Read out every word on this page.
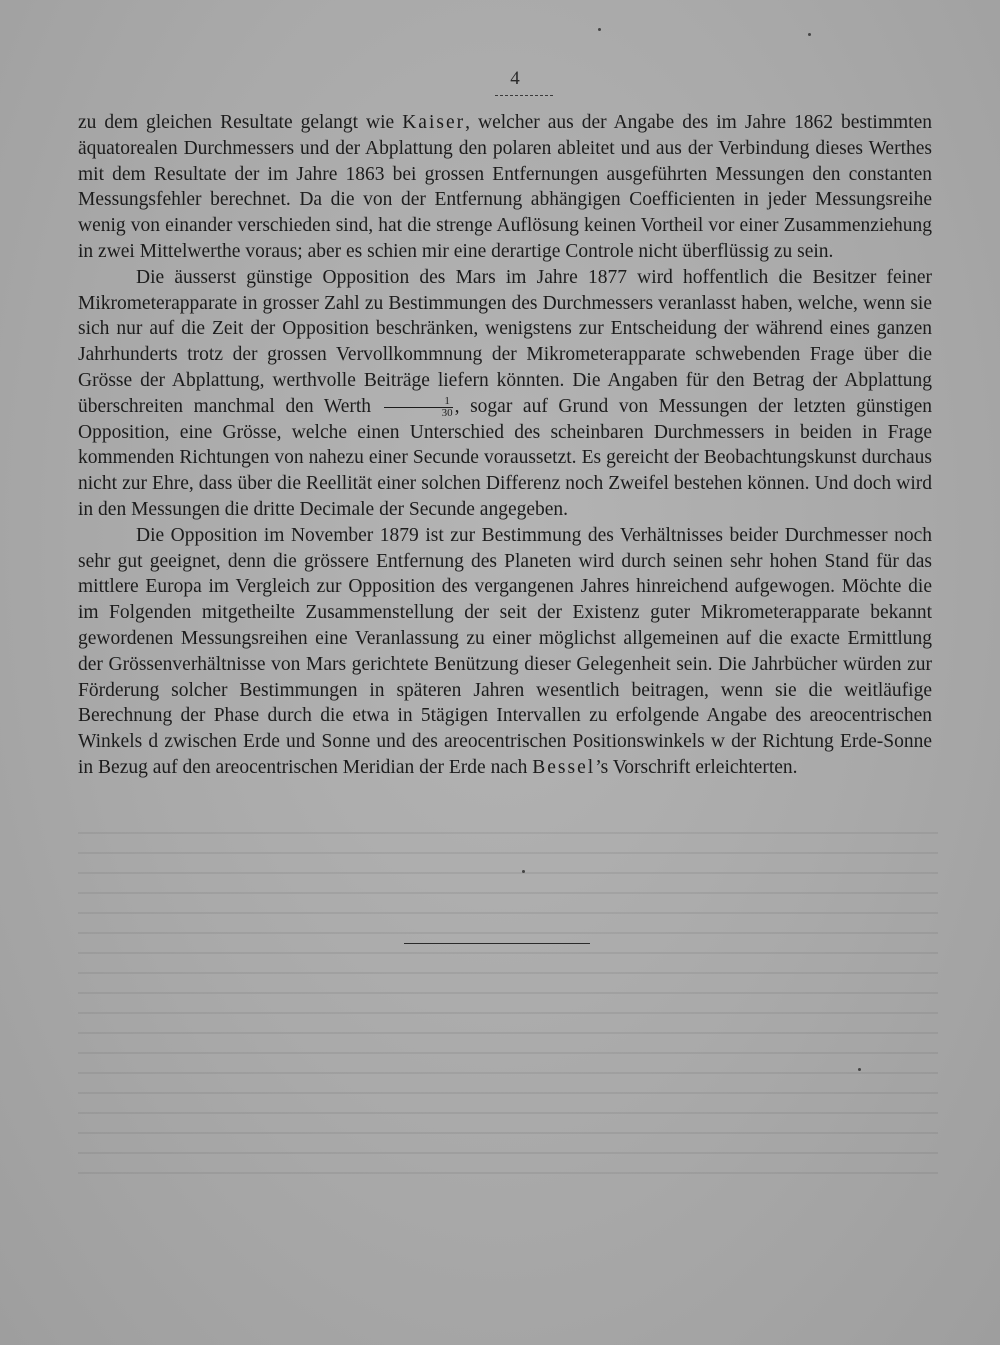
4

zu dem gleichen Resultate gelangt wie Kaiser, welcher aus der Angabe des im Jahre 1862 bestimmten äquatorealen Durchmessers und der Abplattung den polaren ableitet und aus der Verbindung dieses Werthes mit dem Resultate der im Jahre 1863 bei grossen Entfernungen ausgeführten Messungen den constanten Messungsfehler berechnet. Da die von der Entfernung abhängigen Coefficienten in jeder Messungsreihe wenig von einander verschieden sind, hat die strenge Auflösung keinen Vortheil vor einer Zusammenziehung in zwei Mittelwerthe voraus; aber es schien mir eine derartige Controle nicht überflüssig zu sein.

Die äusserst günstige Opposition des Mars im Jahre 1877 wird hoffentlich die Besitzer feiner Mikrometerapparate in grosser Zahl zu Bestimmungen des Durchmessers veranlasst haben, welche, wenn sie sich nur auf die Zeit der Opposition beschränken, wenigstens zur Entscheidung der während eines ganzen Jahrhunderts trotz der grossen Vervollkommnung der Mikrometerapparate schwebenden Frage über die Grösse der Abplattung, werthvolle Beiträge liefern könnten. Die Angaben für den Betrag der Abplattung überschreiten manchmal den Werth $\frac{1}{30}$ , sogar auf Grund von Messungen der letzten günstigen Opposition, eine Grösse, welche einen Unterschied des scheinbaren Durchmessers in beiden in Frage kommenden Richtungen von nahezu einer Secunde voraussetzt. Es gereicht der Beobachtungskunst durchaus nicht zur Ehre, dass über die Reellität einer solchen Differenz noch Zweifel bestehen können. Und doch wird in den Messungen die dritte Decimale der Secunde angegeben.

Die Opposition im November 1879 ist zur Bestimmung des Verhältnisses beider Durchmesser noch sehr gut geeignet, denn die grössere Entfernung des Planeten wird durch seinen sehr hohen Stand für das mittlere Europa im Vergleich zur Opposition des vergangenen Jahres hinreichend aufgewogen. Möchte die im Folgenden mitgetheilte Zusammenstellung der seit der Existenz guter Mikrometerapparate bekannt gewordenen Messungsreihen eine Veranlassung zu einer möglichst allgemeinen auf die exacte Ermittlung der Grössenverhältnisse von Mars gerichtete Benützung dieser Gelegenheit sein. Die Jahrbücher würden zur Förderung solcher Bestimmungen in späteren Jahren wesentlich beitragen, wenn sie die weitläufige Berechnung der Phase durch die etwa in 5tägigen Intervallen zu erfolgende Angabe des areocentrischen Winkels d zwischen Erde und Sonne und des areocentrischen Positionswinkels w der Richtung Erde-Sonne in Bezug auf den areocentrischen Meridian der Erde nach Bessel’s Vorschrift erleichterten.
